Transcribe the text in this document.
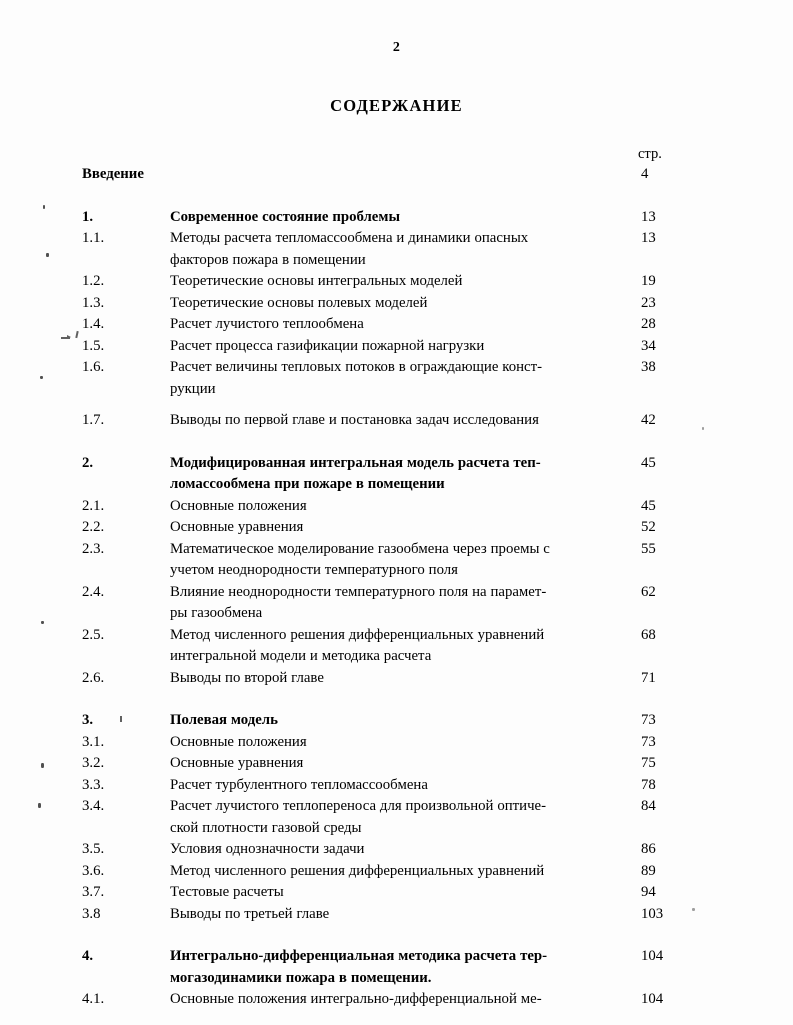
2
СОДЕРЖАНИЕ
стр.
Введение	4
1.	Современное состояние проблемы	13
1.1.	Методы расчета тепломассообмена и динамики опасных	13
факторов пожара в помещении
1.2.	Теоретические основы интегральных моделей	19
1.3.	Теоретические основы полевых моделей	23
1.4.	Расчет лучистого теплообмена	28
1.5.	Расчет процесса газификации пожарной нагрузки	34
1.6.	Расчет величины тепловых потоков в ограждающие конст-	38
рукции
1.7.	Выводы по первой главе и постановка задач исследования	42
2.	Модифицированная интегральная модель расчета теп-	45
ломассообмена при пожаре в помещении
2.1.	Основные положения	45
2.2.	Основные уравнения	52
2.3.	Математическое моделирование газообмена через проемы с	55
учетом неоднородности температурного поля
2.4.	Влияние неоднородности температурного поля на парамет-	62
ры газообмена
2.5.	Метод численного решения дифференциальных уравнений	68
интегральной модели и методика расчета
2.6.	Выводы по второй главе	71
3.	Полевая модель	73
3.1.	Основные положения	73
3.2.	Основные уравнения	75
3.3.	Расчет турбулентного тепломассообмена	78
3.4.	Расчет лучистого теплопереноса для произвольной оптиче-	84
ской плотности газовой среды
3.5.	Условия однозначности задачи	86
3.6.	Метод численного решения дифференциальных уравнений	89
3.7.	Тестовые расчеты	94
3.8	Выводы по третьей главе	103
4.	Интегрально-дифференциальная методика расчета тер-	104
могазодинамики пожара в помещении.
4.1.	Основные положения интегрально-дифференциальной ме-	104
